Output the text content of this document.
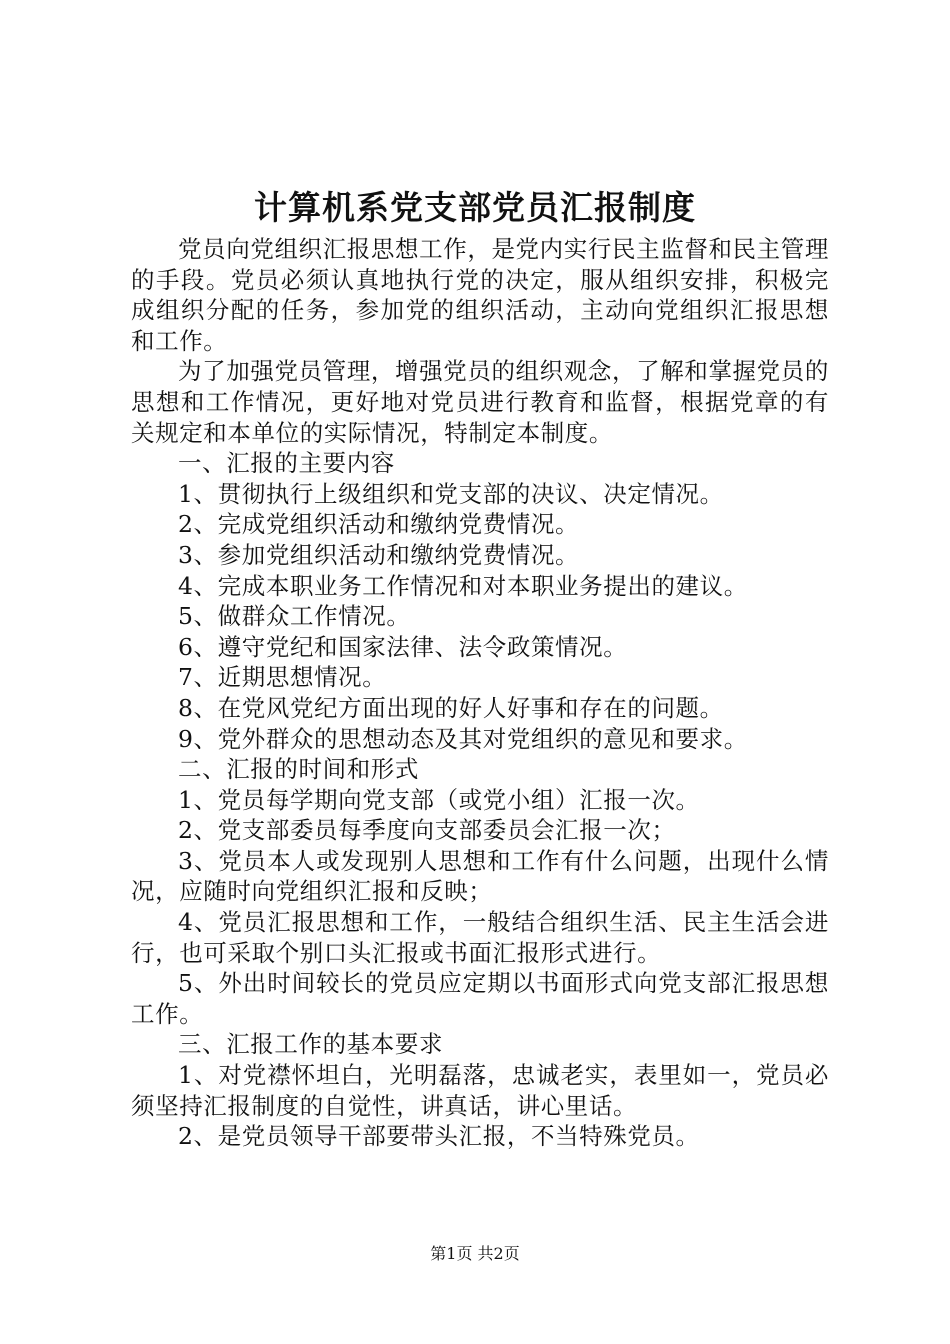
计算机系党支部党员汇报制度

党员向党组织汇报思想工作，是党内实行民主监督和民主管理的手段。党员必须认真地执行党的决定，服从组织安排，积极完成组织分配的任务，参加党的组织活动，主动向党组织汇报思想和工作。

为了加强党员管理，增强党员的组织观念，了解和掌握党员的思想和工作情况，更好地对党员进行教育和监督，根据党章的有关规定和本单位的实际情况，特制定本制度。

一、汇报的主要内容

1、贯彻执行上级组织和党支部的决议、决定情况。

2、完成党组织活动和缴纳党费情况。

3、参加党组织活动和缴纳党费情况。

4、完成本职业务工作情况和对本职业务提出的建议。

5、做群众工作情况。

6、遵守党纪和国家法律、法令政策情况。

7、近期思想情况。

8、在党风党纪方面出现的好人好事和存在的问题。

9、党外群众的思想动态及其对党组织的意见和要求。

二、汇报的时间和形式

1、党员每学期向党支部（或党小组）汇报一次。

2、党支部委员每季度向支部委员会汇报一次；

3、党员本人或发现别人思想和工作有什么问题，出现什么情况，应随时向党组织汇报和反映；

4、党员汇报思想和工作，一般结合组织生活、民主生活会进行，也可采取个别口头汇报或书面汇报形式进行。

5、外出时间较长的党员应定期以书面形式向党支部汇报思想工作。

三、汇报工作的基本要求

1、对党襟怀坦白，光明磊落，忠诚老实，表里如一，党员必须坚持汇报制度的自觉性，讲真话，讲心里话。

2、是党员领导干部要带头汇报，不当特殊党员。

第1页 共2页
